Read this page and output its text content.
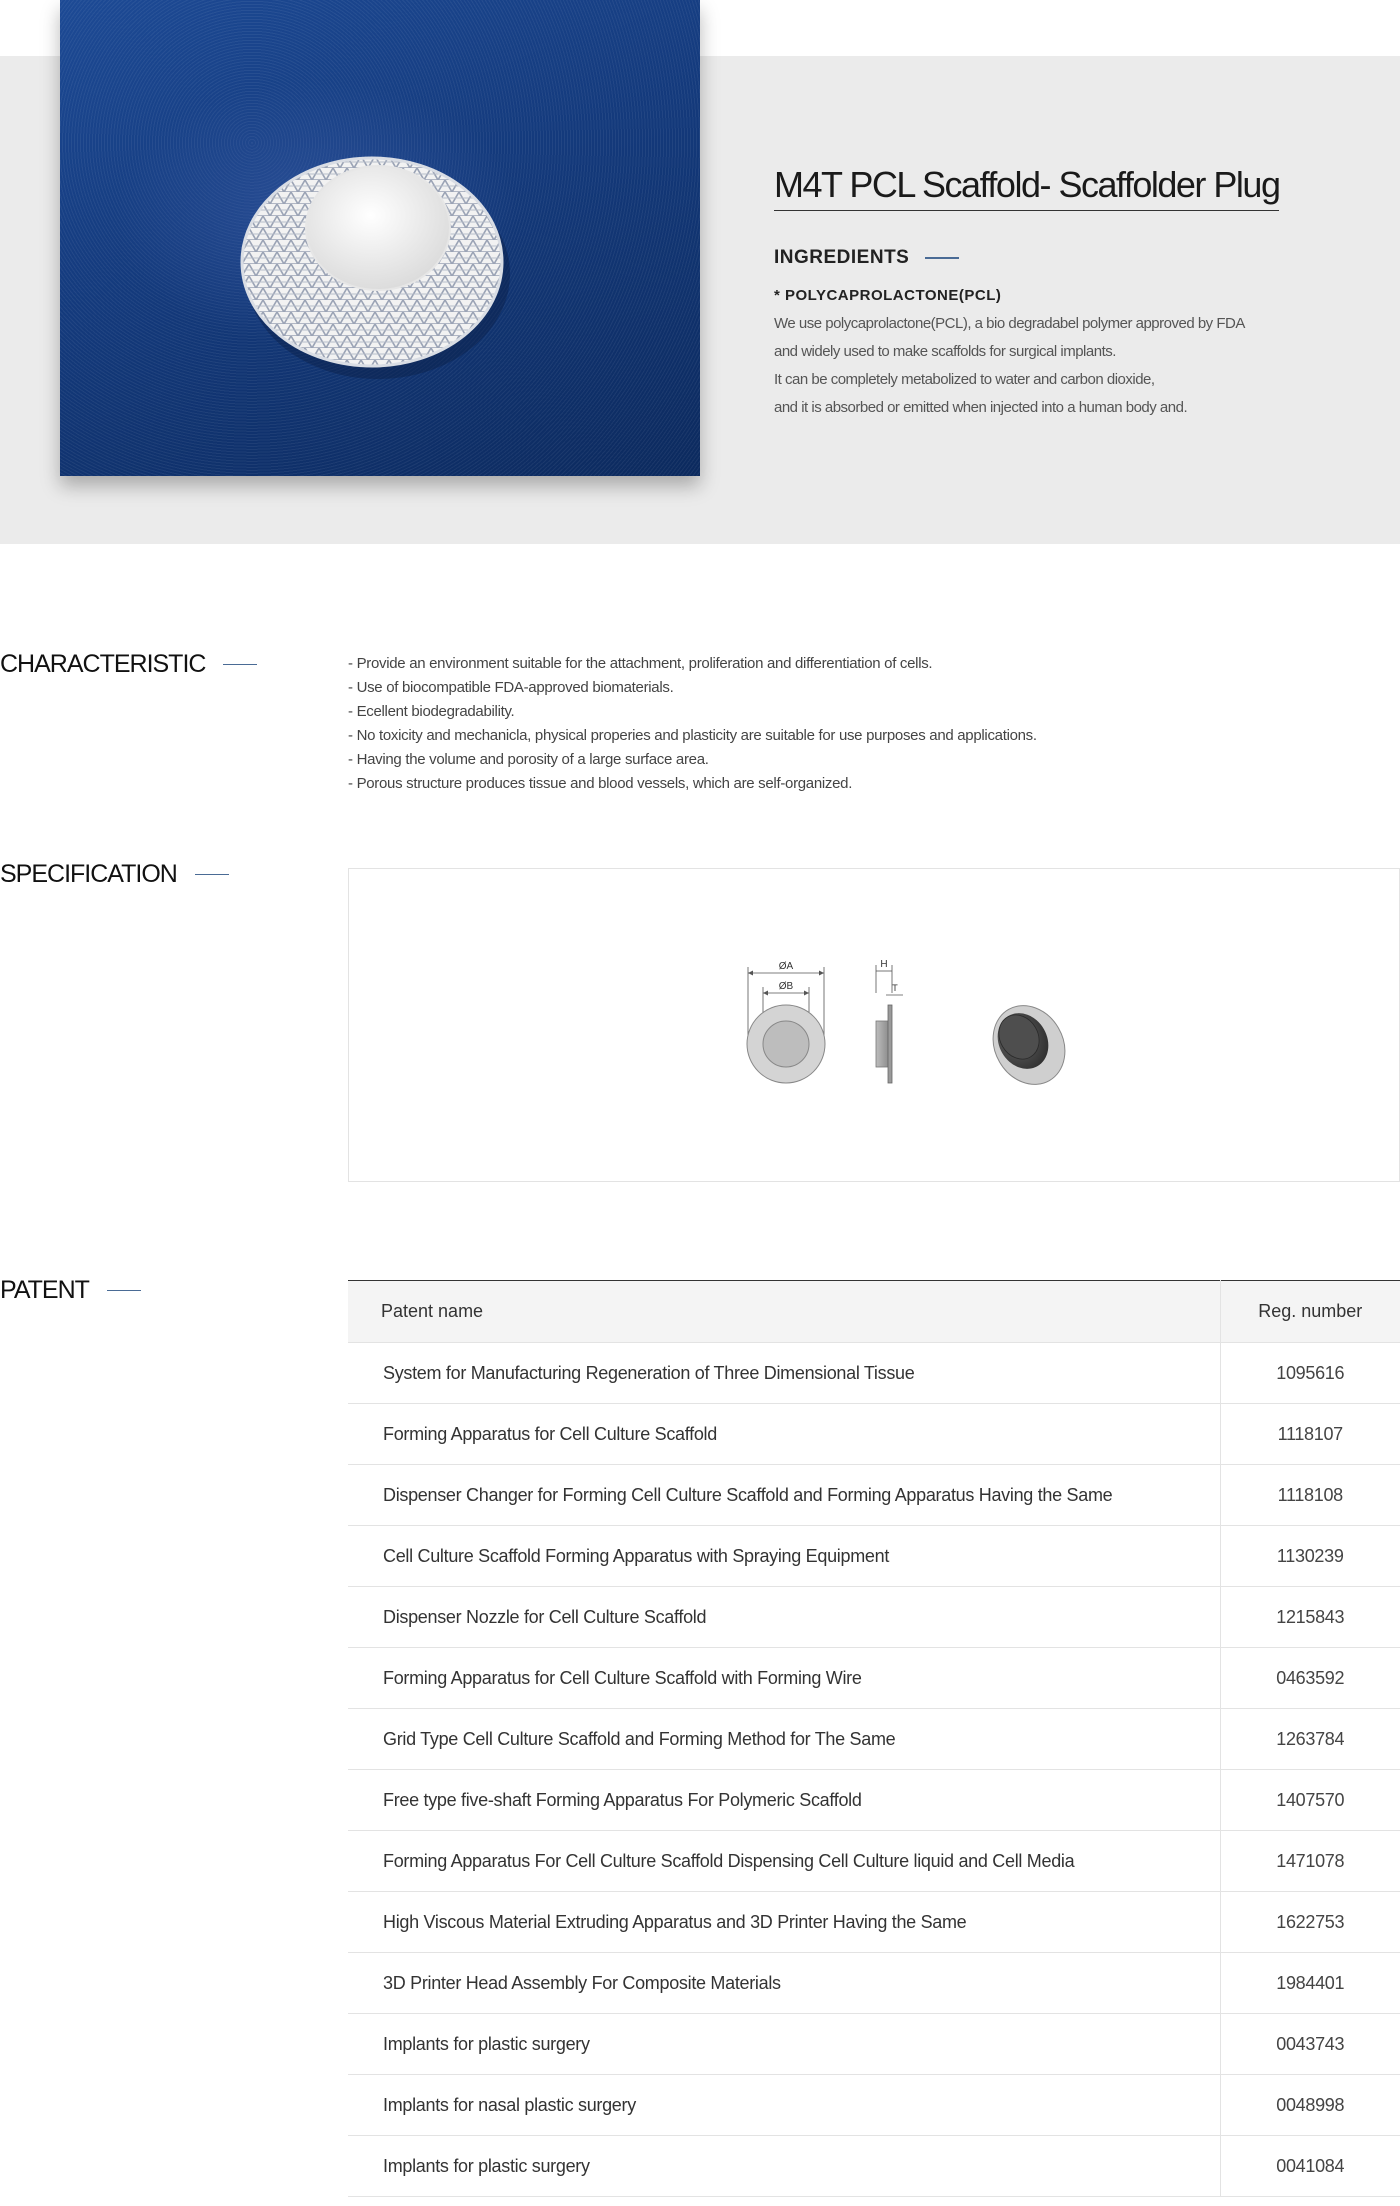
M4T PCL Scaffold- Scaffolder Plug
INGREDIENTS
* POLYCAPROLACTONE(PCL)
We use polycaprolactone(PCL), a bio degradabel polymer approved by FDA
and widely used to make scaffolds for surgical implants.
It can be completely metabolized to water and carbon dioxide,
and it is absorbed or emitted when injected into a human body and.
CHARACTERISTIC	- Provide an environment suitable for the attachment, proliferation and differentiation of cells.
- Use of biocompatible FDA-approved biomaterials.
- Ecellent biodegradability.
- No toxicity and mechanicla, physical properies and plasticity are suitable for use purposes and applications.
- Having the volume and porosity of a large surface area.
- Porous structure produces tissue and blood vessels, which are self-organized.
SPECIFICATION
ØA
ØB
H
T
PATENT
Patent name	Reg. number
System for Manufacturing Regeneration of Three Dimensional Tissue	1095616
Forming Apparatus for Cell Culture Scaffold	1118107
Dispenser Changer for Forming Cell Culture Scaffold and Forming Apparatus Having the Same	1118108
Cell Culture Scaffold Forming Apparatus with Spraying Equipment	1130239
Dispenser Nozzle for Cell Culture Scaffold	1215843
Forming Apparatus for Cell Culture Scaffold with Forming Wire	0463592
Grid Type Cell Culture Scaffold and Forming Method for The Same	1263784
Free type five-shaft Forming Apparatus For Polymeric Scaffold	1407570
Forming Apparatus For Cell Culture Scaffold Dispensing Cell Culture liquid and Cell Media	1471078
High Viscous Material Extruding Apparatus and 3D Printer Having the Same	1622753
3D Printer Head Assembly For Composite Materials	1984401
Implants for plastic surgery	0043743
Implants for nasal plastic surgery	0048998
Implants for plastic surgery	0041084
